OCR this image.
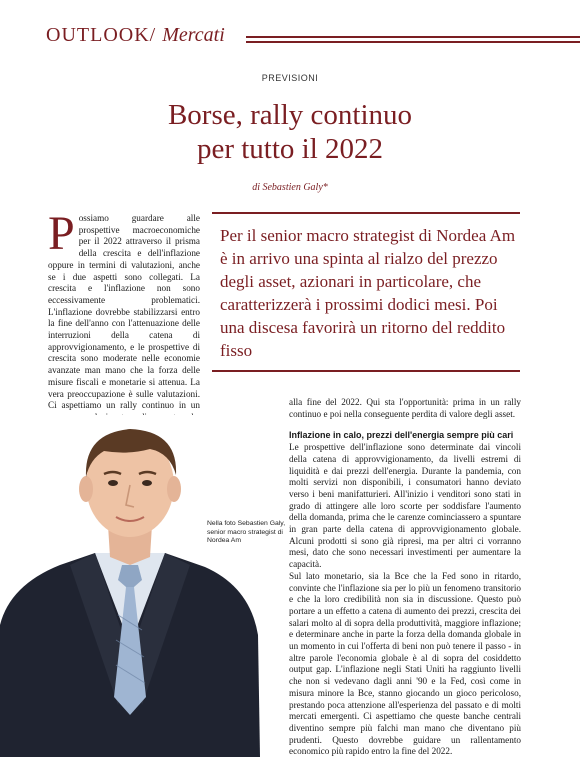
OUTLOOK/ Mercati
PREVISIONI
Borse, rally continuo
per tutto il 2022
di Sebastien Galy*
Possiamo guardare alle prospettive macroeconomiche per il 2022 attraverso il prisma della crescita e dell'inflazione oppure in termini di valutazioni, anche se i due aspetti sono collegati. La crescita e l'inflazione non sono eccessivamente problematici. L'inflazione dovrebbe stabilizzarsi entro la fine dell'anno con l'attenuazione delle interruzioni della catena di approvvigionamento, e le prospettive di crescita sono moderate nelle economie avanzate man mano che la forza delle misure fiscali e monetarie si attenua. La vera preoccupazione è sulle valutazioni. Ci aspettiamo un rally continuo in un
Per il senior macro strategist di Nordea Am è in arrivo una spinta al rialzo del prezzo degli asset, azionari in particolare, che caratterizzerà i prossimi dodici mesi. Poi una discesa favorirà un ritorno del reddito fisso
Nella foto Sebastien Galy, senior macro strategist di Nordea Am

alla fine del 2022. Qui sta l'opportunità: prima in un rally continuo e poi nella conseguente perdita di valore degli asset.

Inflazione in calo, prezzi dell'energia sempre più cari

Le prospettive dell'inflazione sono determinate dai vincoli della catena di approvvigionamento, da livelli estremi di liquidità e dai prezzi dell'energia. Durante la pandemia, con molti servizi non disponibili, i consumatori hanno deviato verso i beni manifatturieri. All'inizio i venditori sono stati in grado di attingere alle loro scorte per soddisfare l'aumento della domanda, prima che le carenze cominciassero a spuntare in gran parte della catena di approvvigionamento globale. Alcuni prodotti si sono già ripresi, ma per altri ci vorranno mesi, dato che sono necessari investimenti per aumentare la capacità.

Sul lato monetario, sia la Bce che la Fed sono in ritardo, convinte che l'inflazione sia per lo più un fenomeno transitorio e che la loro credibilità non sia in discussione. Questo può portare a un effetto a catena di aumento dei prezzi, crescita dei salari molto al di sopra della produttività, maggiore inflazione; e determinare anche in parte la forza della domanda globale in un momento in cui l'offerta di beni non può tenere il passo - in altre parole l'economia globale è al di sopra del cosiddetto output gap. L'inflazione negli Stati Uniti ha raggiunto livelli che non si vedevano dagli anni '90 e la Fed, così come in misura minore la Bce, stanno giocando un gioco pericoloso, prestando poca attenzione all'esperienza del passato e di molti mercati emergenti. Ci aspettiamo che queste banche centrali diventino sempre più falchi man mano che diventano più prudenti. Questo dovrebbe guidare un rallentamento economico più rapido entro la fine del 2022.
